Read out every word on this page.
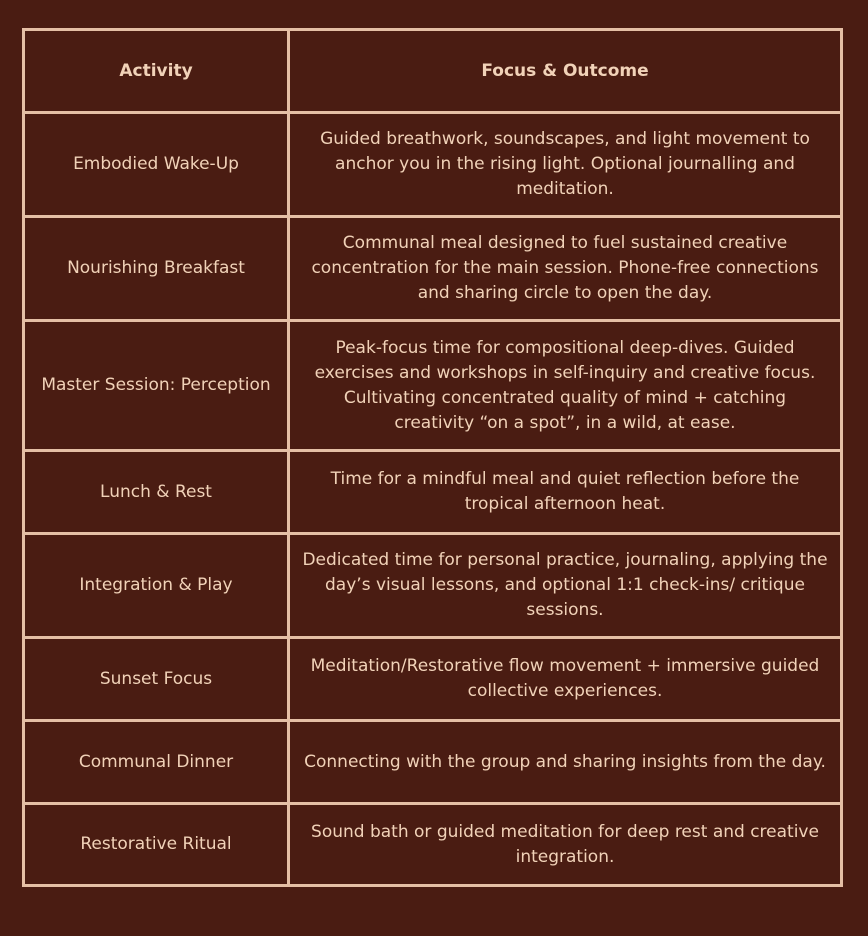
Activity	Focus & Outcome
Embodied Wake-Up	Guided breathwork, soundscapes, and light movement to anchor you in the rising light. Optional journalling and meditation.
Nourishing Breakfast	Communal meal designed to fuel sustained creative concentration for the main session. Phone-free connections and sharing circle to open the day.
Master Session: Perception	Peak-focus time for compositional deep-dives. Guided exercises and workshops in self-inquiry and creative focus. Cultivating concentrated quality of mind + catching creativity “on a spot”, in a wild, at ease.
Lunch & Rest	Time for a mindful meal and quiet reflection before the tropical afternoon heat.
Integration & Play	Dedicated time for personal practice, journaling, applying the day’s visual lessons, and optional 1:1 check-ins/ critique sessions.
Sunset Focus	Meditation/Restorative flow movement + immersive guided collective experiences.
Communal Dinner	Connecting with the group and sharing insights from the day.
Restorative Ritual	Sound bath or guided meditation for deep rest and creative integration.
